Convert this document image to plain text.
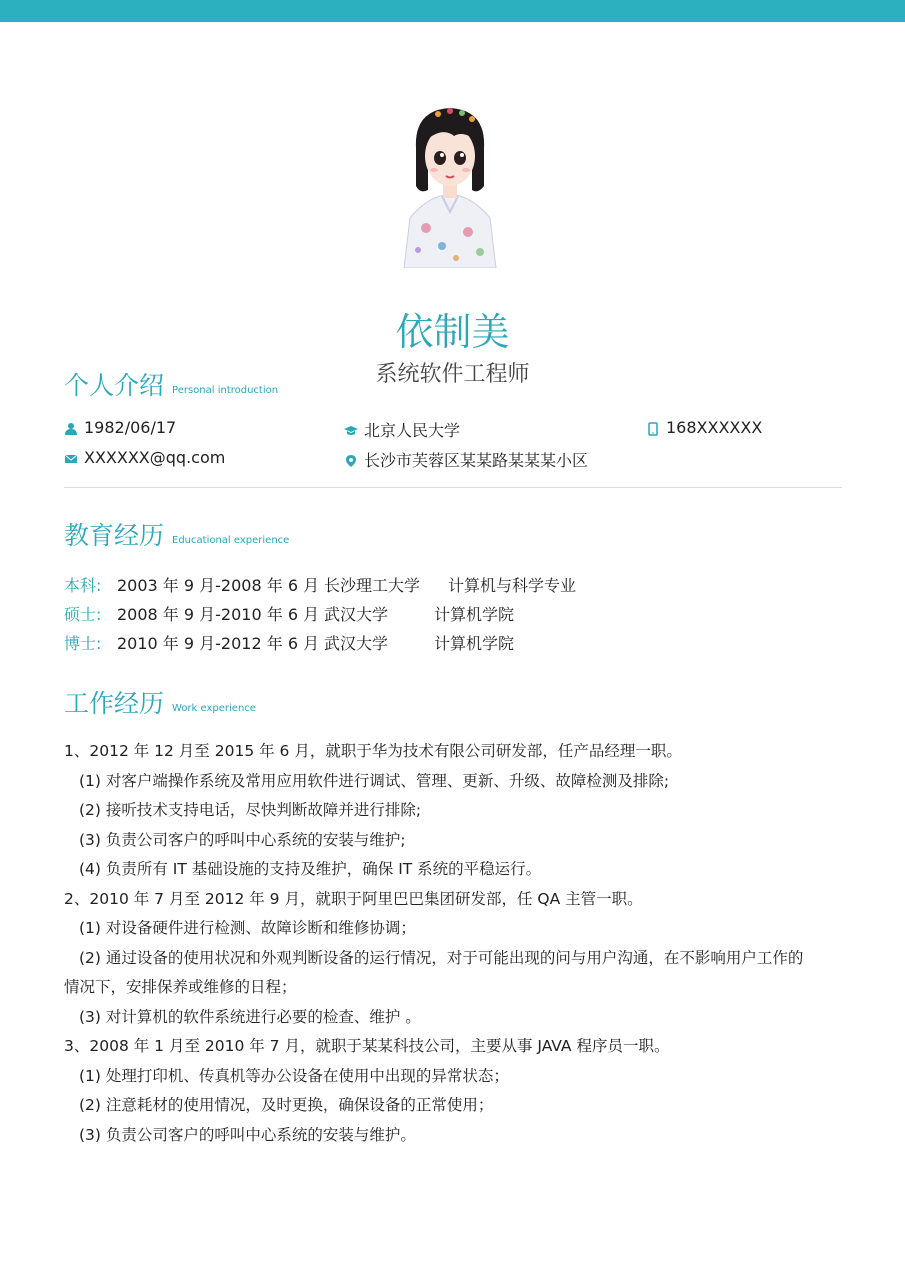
依制美
系统软件工程师
个人介绍 Personal introduction
1982/06/17	北京人民大学	168XXXXXX
XXXXXX@qq.com	长沙市芙蓉区某某路某某某小区
教育经历 Educational experience
本科: 2003 年 9 月-2008 年 6 月 长沙理工大学 计算机与科学专业
硕士: 2008 年 9 月-2010 年 6 月 武汉大学	计算机学院
博士: 2010 年 9 月-2012 年 6 月 武汉大学	计算机学院
工作经历 Work experience
1、2012 年 12 月至 2015 年 6 月，就职于华为技术有限公司研发部，任产品经理一职。
(1) 对客户端操作系统及常用应用软件进行调试、管理、更新、升级、故障检测及排除;
(2) 接听技术支持电话，尽快判断故障并进行排除;
(3) 负责公司客户的呼叫中心系统的安装与维护;
(4) 负责所有 IT 基础设施的支持及维护，确保 IT 系统的平稳运行。
2、2010 年 7 月至 2012 年 9 月，就职于阿里巴巴集团研发部，任 QA 主管一职。
(1) 对设备硬件进行检测、故障诊断和维修协调；
(2) 通过设备的使用状况和外观判断设备的运行情况，对于可能出现的问与用户沟通，在不影响用户工作的
情况下，安排保养或维修的日程；
(3) 对计算机的软件系统进行必要的检查、维护 。
3、2008 年 1 月至 2010 年 7 月，就职于某某科技公司，主要从事 JAVA 程序员一职。
(1) 处理打印机、传真机等办公设备在使用中出现的异常状态；
(2) 注意耗材的使用情况，及时更换，确保设备的正常使用；
(3) 负责公司客户的呼叫中心系统的安装与维护。
